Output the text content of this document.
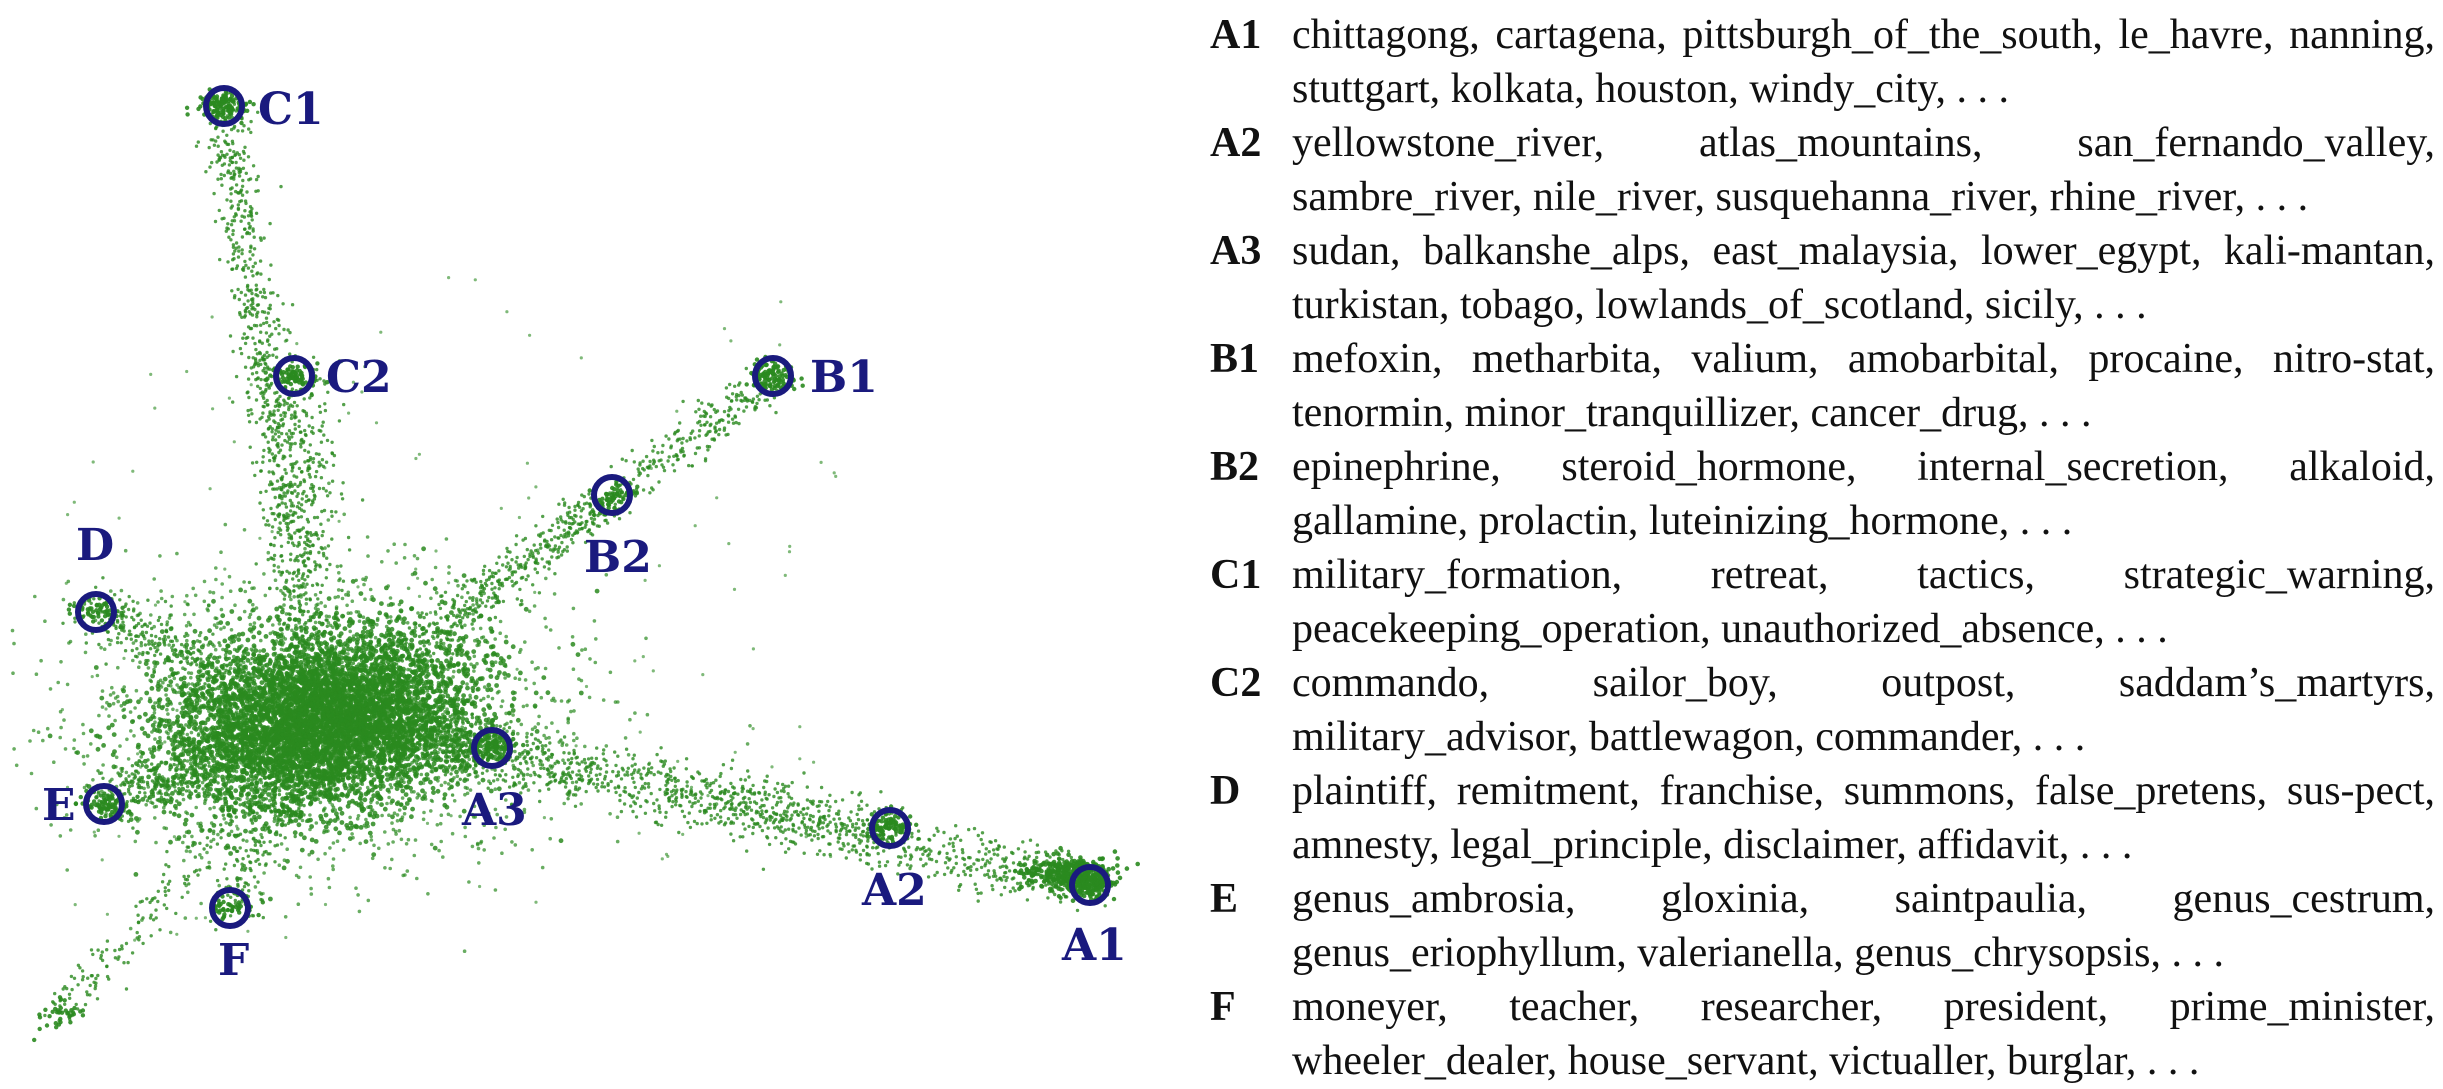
A1
A2
A3
B1
B2
C1
C2
D
E
F
A1 chittagong, cartagena, pittsburgh_of_the_south, le_havre, nanning, stuttgart, kolkata, houston, windy_city, . . .
A2 yellowstone_river, atlas_mountains, san_fernando_valley, sambre_river, nile_river, susquehanna_river, rhine_river, . . .
A3 sudan, balkanshe_alps, east_malaysia, lower_egypt, kali-mantan, turkistan, tobago, lowlands_of_scotland, sicily, . . .
B1 mefoxin, metharbita, valium, amobarbital, procaine, nitro-stat, tenormin, minor_tranquillizer, cancer_drug, . . .
B2 epinephrine, steroid_hormone, internal_secretion, alkaloid, gallamine, prolactin, luteinizing_hormone, . . .
C1 military_formation, retreat, tactics, strategic_warning, peacekeeping_operation, unauthorized_absence, . . .
C2 commando, sailor_boy, outpost, saddam’s_martyrs, military_advisor, battlewagon, commander, . . .
D	plaintiff, remitment, franchise, summons, false_pretens, sus-pect, amnesty, legal_principle, disclaimer, affidavit, . . .
E	genus_ambrosia, gloxinia, saintpaulia, genus_cestrum, genus_eriophyllum, valerianella, genus_chrysopsis, . . .
F	moneyer, teacher, researcher, president, prime_minister, wheeler_dealer, house_servant, victualler, burglar, . . .
